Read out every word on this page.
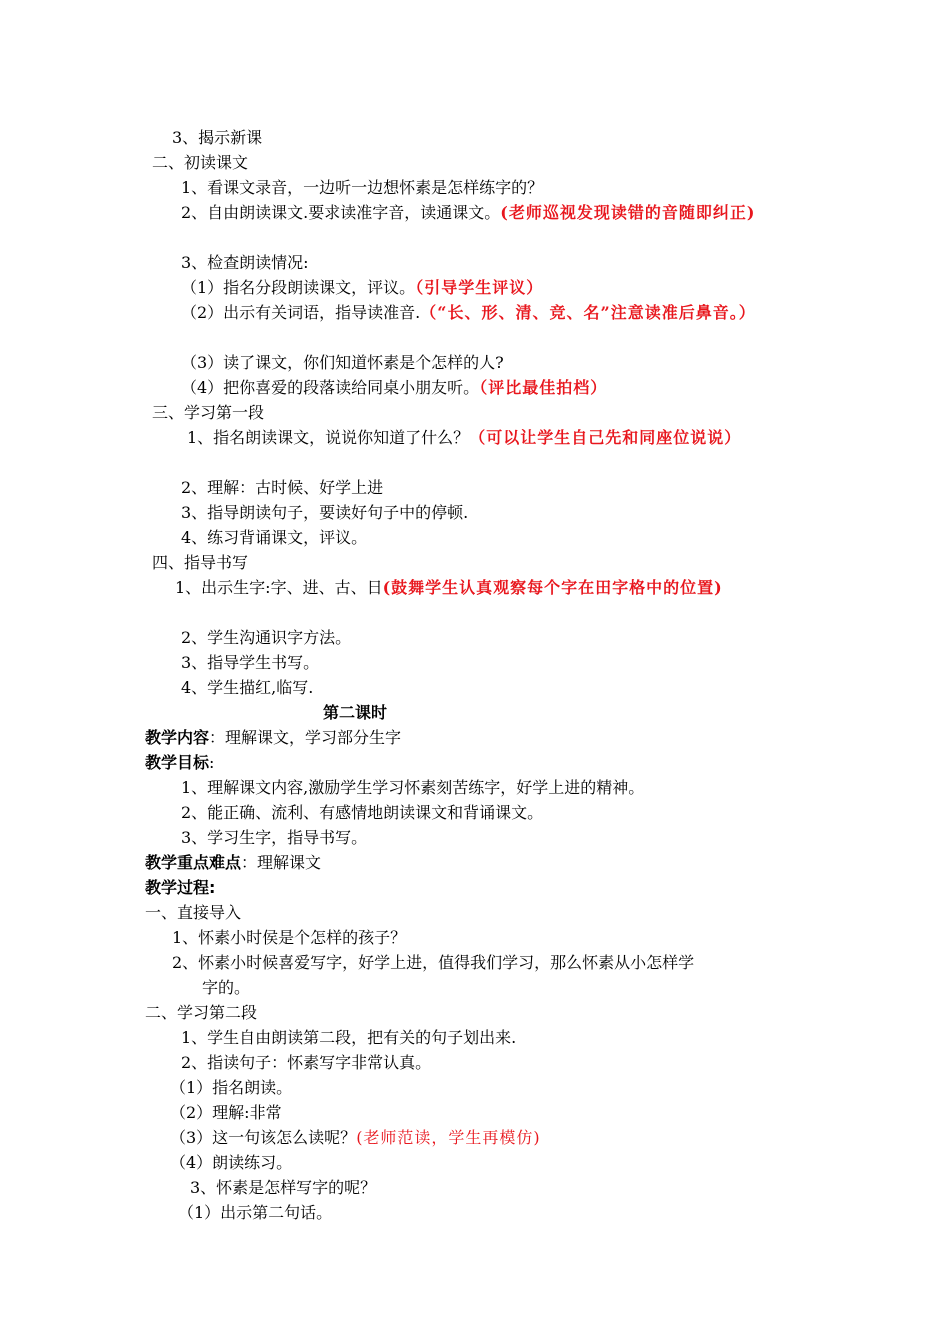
3、揭示新课
二、初读课文
1、看课文录音，一边听一边想怀素是怎样练字的？
2、自由朗读课文.要求读准字音，读通课文。(老师巡视发现读错的音随即纠正)
3、检查朗读情况:
（1）指名分段朗读课文，评议。（引导学生评议）
（2）出示有关词语，指导读准音.（“长、形、清、竞、名”注意读准后鼻音。）
（3）读了课文，你们知道怀素是个怎样的人?
（4）把你喜爱的段落读给同桌小朋友听。（评比最佳拍档）
三、学习第一段
1、指名朗读课文，说说你知道了什么？（可以让学生自己先和同座位说说）
2、理解：古时候、好学上进
3、指导朗读句子，要读好句子中的停顿.
4、练习背诵课文，评议。
四、指导书写
1、出示生字:字、进、古、日(鼓舞学生认真观察每个字在田字格中的位置)
2、学生沟通识字方法。
3、指导学生书写。
4、学生描红,临写.
第二课时
教学内容：理解课文，学习部分生字
教学目标:
1、理解课文内容,激励学生学习怀素刻苦练字，好学上进的精神。
2、能正确、流利、有感情地朗读课文和背诵课文。
3、学习生字，指导书写。
教学重点难点：理解课文
教学过程:
一、直接导入
1、怀素小时侯是个怎样的孩子？
2、怀素小时候喜爱写字，好学上进，值得我们学习，那么怀素从小怎样学
字的。
二、学习第二段
1、学生自由朗读第二段，把有关的句子划出来.
2、指读句子：怀素写字非常认真。
（1）指名朗读。
（2）理解:非常
（3）这一句该怎么读呢？(老师范读，学生再模仿)
（4）朗读练习。
3、怀素是怎样写字的呢？
（1）出示第二句话。
